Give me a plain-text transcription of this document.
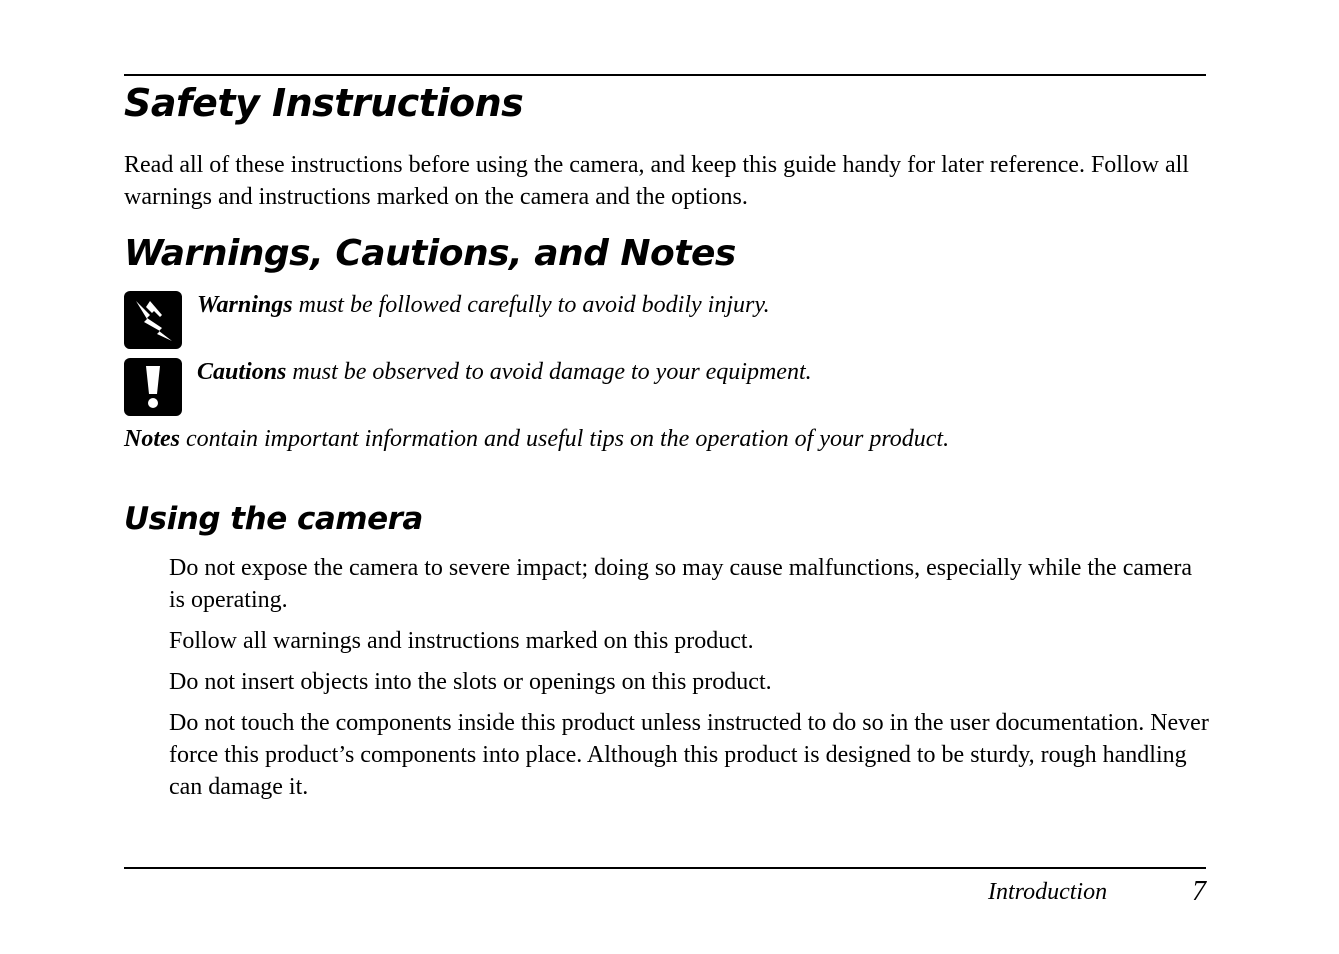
Safety Instructions
Read all of these instructions before using the camera, and keep this guide handy for later reference. Follow all warnings and instructions marked on the camera and the options.
Warnings, Cautions, and Notes
Warnings must be followed carefully to avoid bodily injury.
Cautions must be observed to avoid damage to your equipment.
Notes contain important information and useful tips on the operation of your product.
Using the camera

Do not expose the camera to severe impact; doing so may cause malfunctions, especially while the camera is operating.

Follow all warnings and instructions marked on this product.

Do not insert objects into the slots or openings on this product.

Do not touch the components inside this product unless instructed to do so in the user documentation. Never force this product’s components into place. Although this product is designed to be sturdy, rough handling can damage it.

Introduction	7
